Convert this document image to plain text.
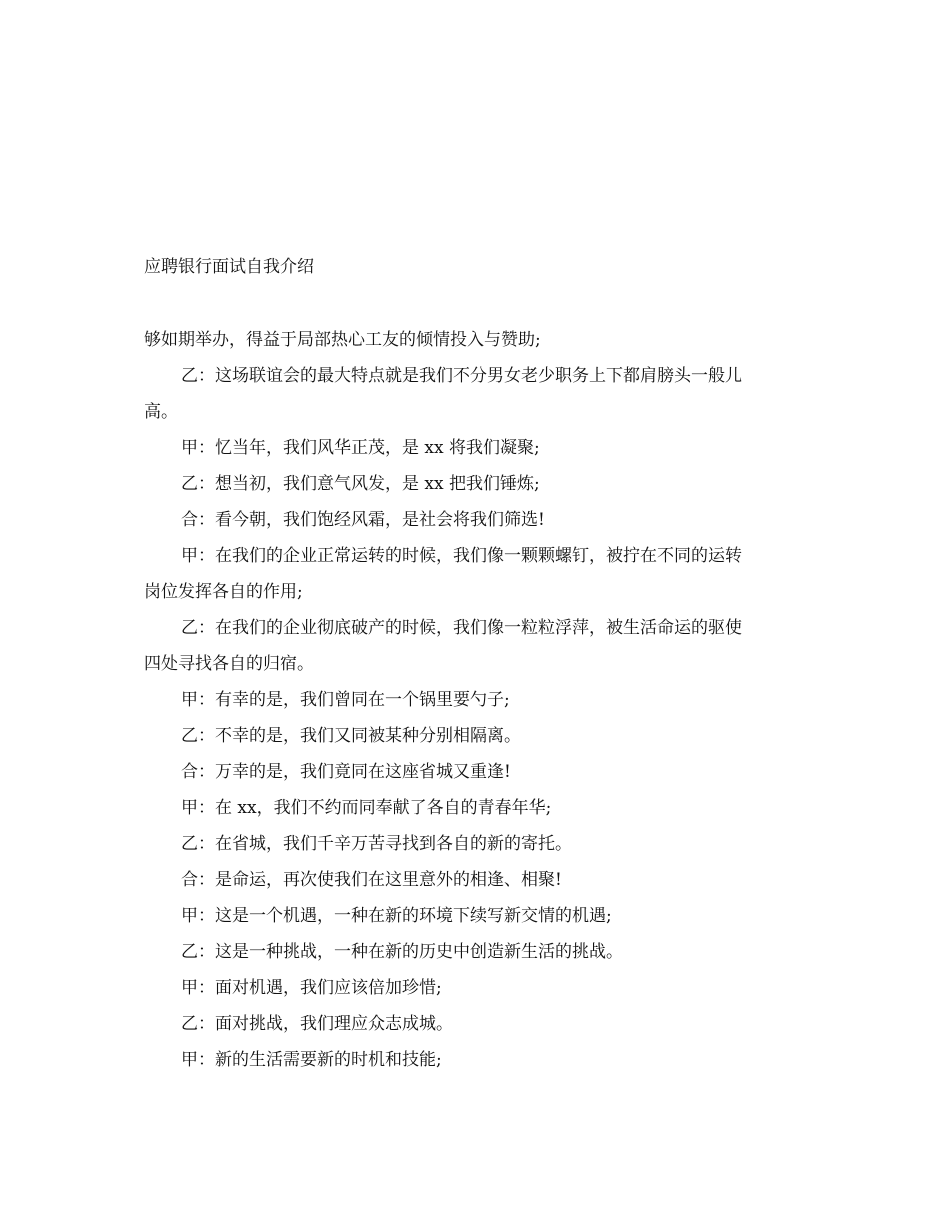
应聘银行面试自我介绍

够如期举办，得益于局部热心工友的倾情投入与赞助;

乙：这场联谊会的最大特点就是我们不分男女老少职务上下都肩膀头一般儿

高。

甲：忆当年，我们风华正茂，是 xx 将我们凝聚;

乙：想当初，我们意气风发，是 xx 把我们锤炼;

合：看今朝，我们饱经风霜，是社会将我们筛选!

甲：在我们的企业正常运转的时候，我们像一颗颗螺钉，被拧在不同的运转

岗位发挥各自的作用;

乙：在我们的企业彻底破产的时候，我们像一粒粒浮萍，被生活命运的驱使

四处寻找各自的归宿。

甲：有幸的是，我们曾同在一个锅里要勺子;

乙：不幸的是，我们又同被某种分别相隔离。

合：万幸的是，我们竟同在这座省城又重逢!

甲：在 xx，我们不约而同奉献了各自的青春年华;

乙：在省城，我们千辛万苦寻找到各自的新的寄托。

合：是命运，再次使我们在这里意外的相逢、相聚!

甲：这是一个机遇，一种在新的环境下续写新交情的机遇;

乙：这是一种挑战，一种在新的历史中创造新生活的挑战。

甲：面对机遇，我们应该倍加珍惜;

乙：面对挑战，我们理应众志成城。

甲：新的生活需要新的时机和技能;
